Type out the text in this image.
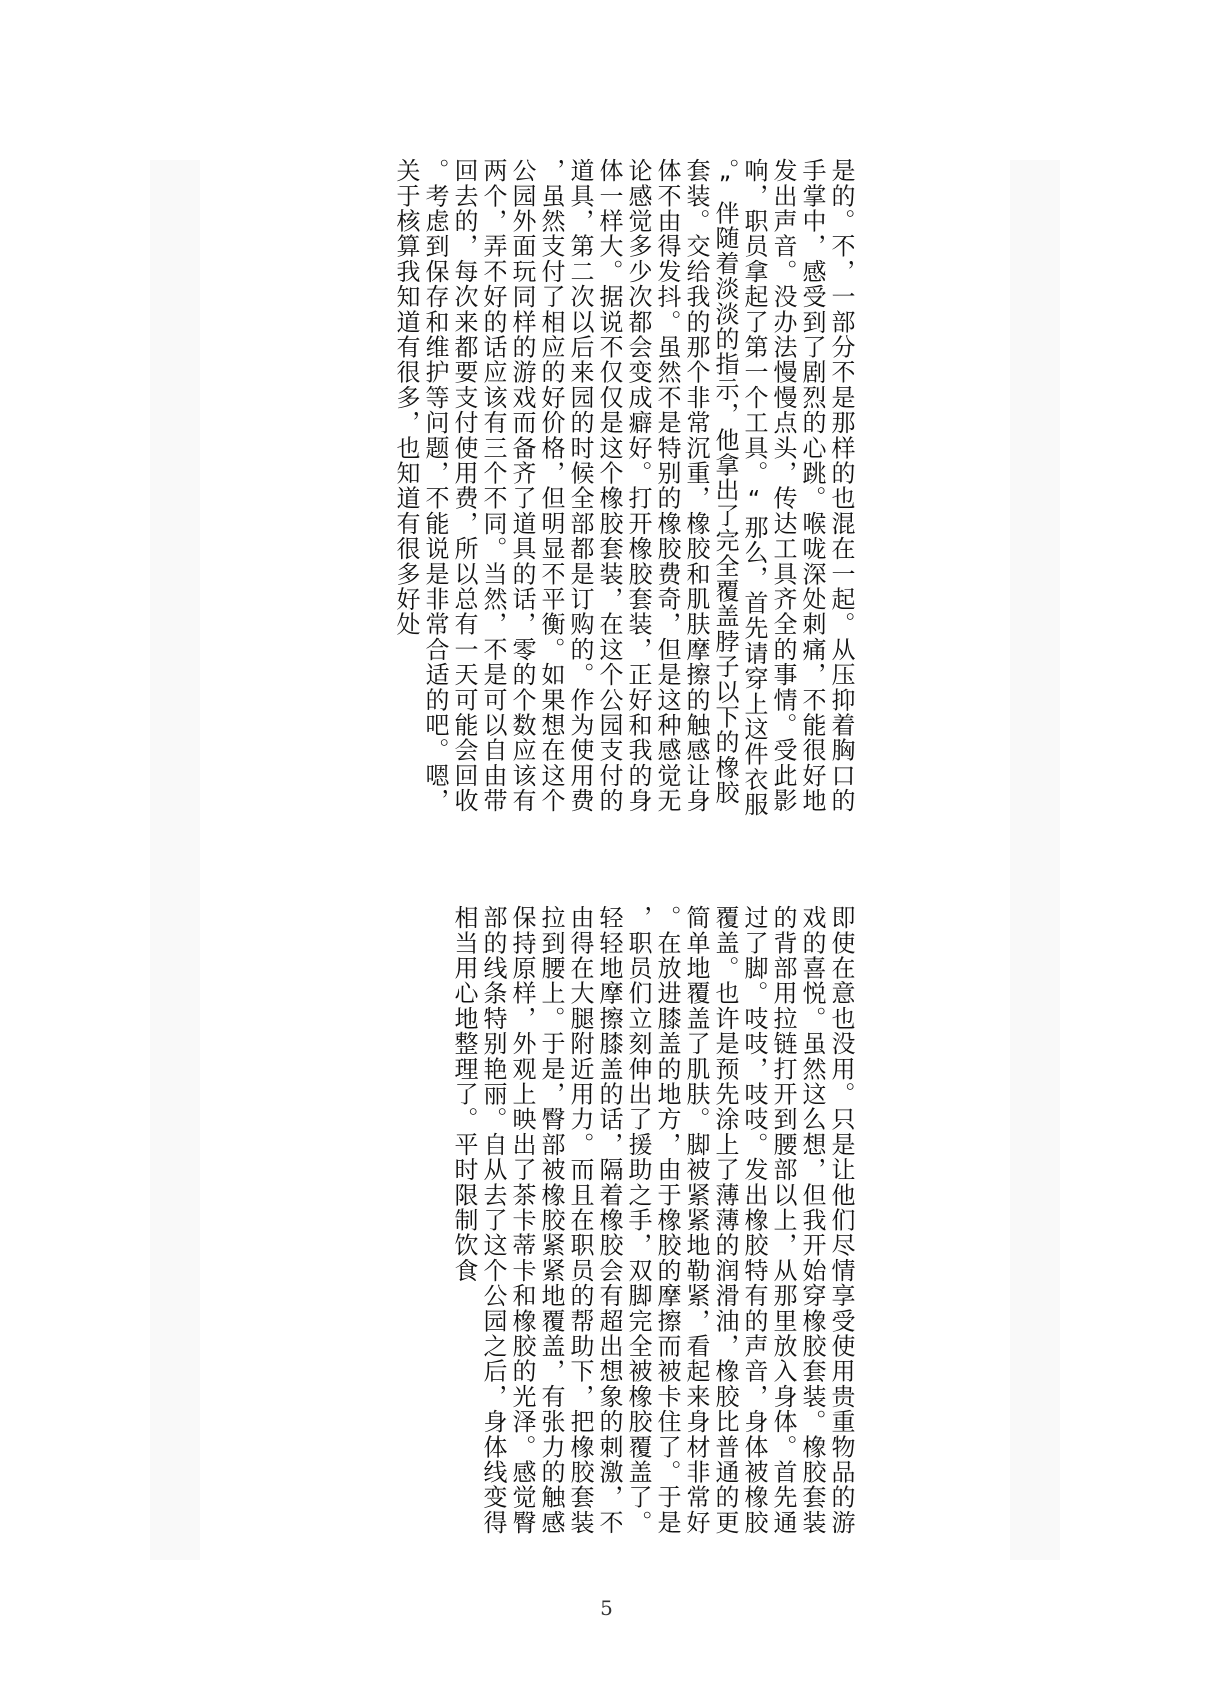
是的。不，一部分不是那样的也混在一起。从压抑着胸口的
手掌中，感受到了剧烈的心跳。喉咙深处刺痛，不能很好地
发出声音。没办法慢慢点头，传达工具齐全的事情。受此影
响，职员拿起了第一个工具。“那么，首先请穿上这件衣服
。”伴随着淡淡的指示，他拿出了完全覆盖脖子以下的橡胶
套装。交给我的那个非常沉重，橡胶和肌肤摩擦的触感让身
体不由得发抖。虽然不是特别的橡胶费奇，但是这种感觉无
论感觉多少次都会变成癖好。打开橡胶套装，正好和我的身
体一样大。据说不仅仅是这个橡胶套装，在这个公园支付的
道具，第二次以后来园的时候全部都是订购的。作为使用费
，虽然支付了相应的好价格，但明显不平衡。如果想在这个
公园外面玩同样的游戏而备齐了道具的话，零的个数应该有
两个，弄不好的话应该有三个不同。当然，不是可以自由带
回去的，每次来都要支付使用费，所以总有一天可能会回收
。考虑到保存和维护等问题，不能说是非常合适的吧。嗯，
关于核算我知道有很多，也知道有很多好处
即使在意也没用。只是让他们尽情享受使用贵重物品的游
戏的喜悦。虽然这么想，但我开始穿橡胶套装。橡胶套装
的背部用拉链打开到腰部以上，从那里放入身体。首先通
过了脚。吱吱，吱吱。发出橡胶特有的声音，身体被橡胶
覆盖。也许是预先涂上了薄薄的润滑油，橡胶比普通的更
简单地覆盖了肌肤。脚被紧紧地勒紧，看起来身材非常好
。在放进膝盖的地方，由于橡胶的摩擦而被卡住了。于是
，职员们立刻伸出了援助之手，双脚完全被橡胶覆盖了。
轻轻地摩擦膝盖的话，隔着橡胶会有超出想象的刺激，不
由得在大腿附近用力。而且在职员的帮助下，把橡胶套装
拉到腰上。于是，臀部被橡胶紧紧地覆盖，有张力的触感
保持原样，外观上映出了茶卡蒂卡和橡胶的光泽。感觉臀
部的线条特别艳丽。自从去了这个公园之后，身体线变得
相当用心地整理了。平时限制饮食
5
